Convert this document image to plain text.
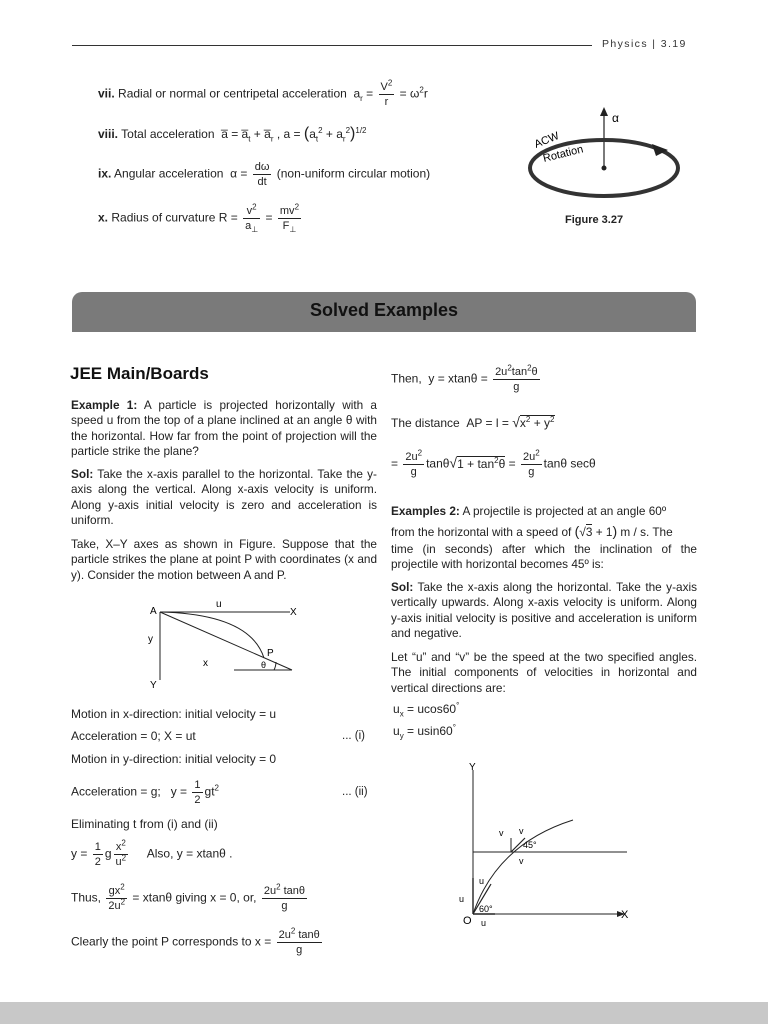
Physics | 3.19
vii. Radial or normal or centripetal acceleration  $a_r = \frac{V^2}{r} = \omega^2r$
viii. Total acceleration  a̅ = $a̅_t$ + $a̅_r$ , $a = (a_t^2 + a_r^2)^{1/2}$
ix. Angular acceleration  $\alpha = \frac{d\omega}{dt}$ (non-uniform circular motion)
x. Radius of curvature $R = \frac{v^2}{a_\perp} = \frac{mv^2}{F_\perp}$
α
ACW
Rotation
Figure 3.27
Solved Examples
JEE Main/Boards
Example 1: A particle is projected horizontally with a speed u from the top of a plane inclined at an angle θ with the horizontal. How far from the point of projection will the particle strike the plane?
Sol: Take the x-axis parallel to the horizontal. Take the y-axis along the vertical. Along x-axis velocity is uniform. Along y-axis initial velocity is zero and acceleration is uniform.
Take, X–Y axes as shown in Figure. Suppose that the particle strikes the plane at point P with coordinates (x and y). Consider the motion between A and P.
A
u
X
y
x
Y
P
θ
Motion in x-direction: initial velocity = u
Acceleration = 0; X = ut	... (i)
Motion in y-direction: initial velocity = 0
Acceleration = g;   $y = \frac{1}{2} gt^2$	... (ii)
Eliminating t from (i) and (ii)
$y = \frac{1}{2}$ g $\frac{x^2}{u^2}$ Also, y = xtanθ .
Thus, $\frac{gx^2}{2u^2} = xtan\theta$ giving x = 0, or, $\frac{2u^2 \tan\theta}{g}$
Clearly the point P corresponds to $x = \frac{2u^2 \tan\theta}{g}$
Then,  $y = xtan\theta = \frac{2u^2\tan^2\theta}{g}$
The distance AP = $l = √x^2 + y^2$
= $\frac{2u^2}{g} \tan\theta√1 + \tan^2\theta = \frac{2u^2}{g}$ tanθ secθ
Examples 2: A projectile is projected at an angle 60º
from the horizontal with a speed of (√3 + 1) m / s. The
time (in seconds) after which the inclination of the projectile with horizontal becomes 45º is:
Sol: Take the x-axis along the horizontal. Take the y-axis vertically upwards. Along x-axis velocity is uniform. Along y-axis initial velocity is positive and acceleration is uniform and negative.
Let “u” and “v” be the speed at the two specified angles. The initial components of velocities in horizontal and vertical directions are:
$u_x = ucos60^\circ$
$u_y = usin60^\circ$
Y
X
O
u
u
u
60°
v
v
v
45°
